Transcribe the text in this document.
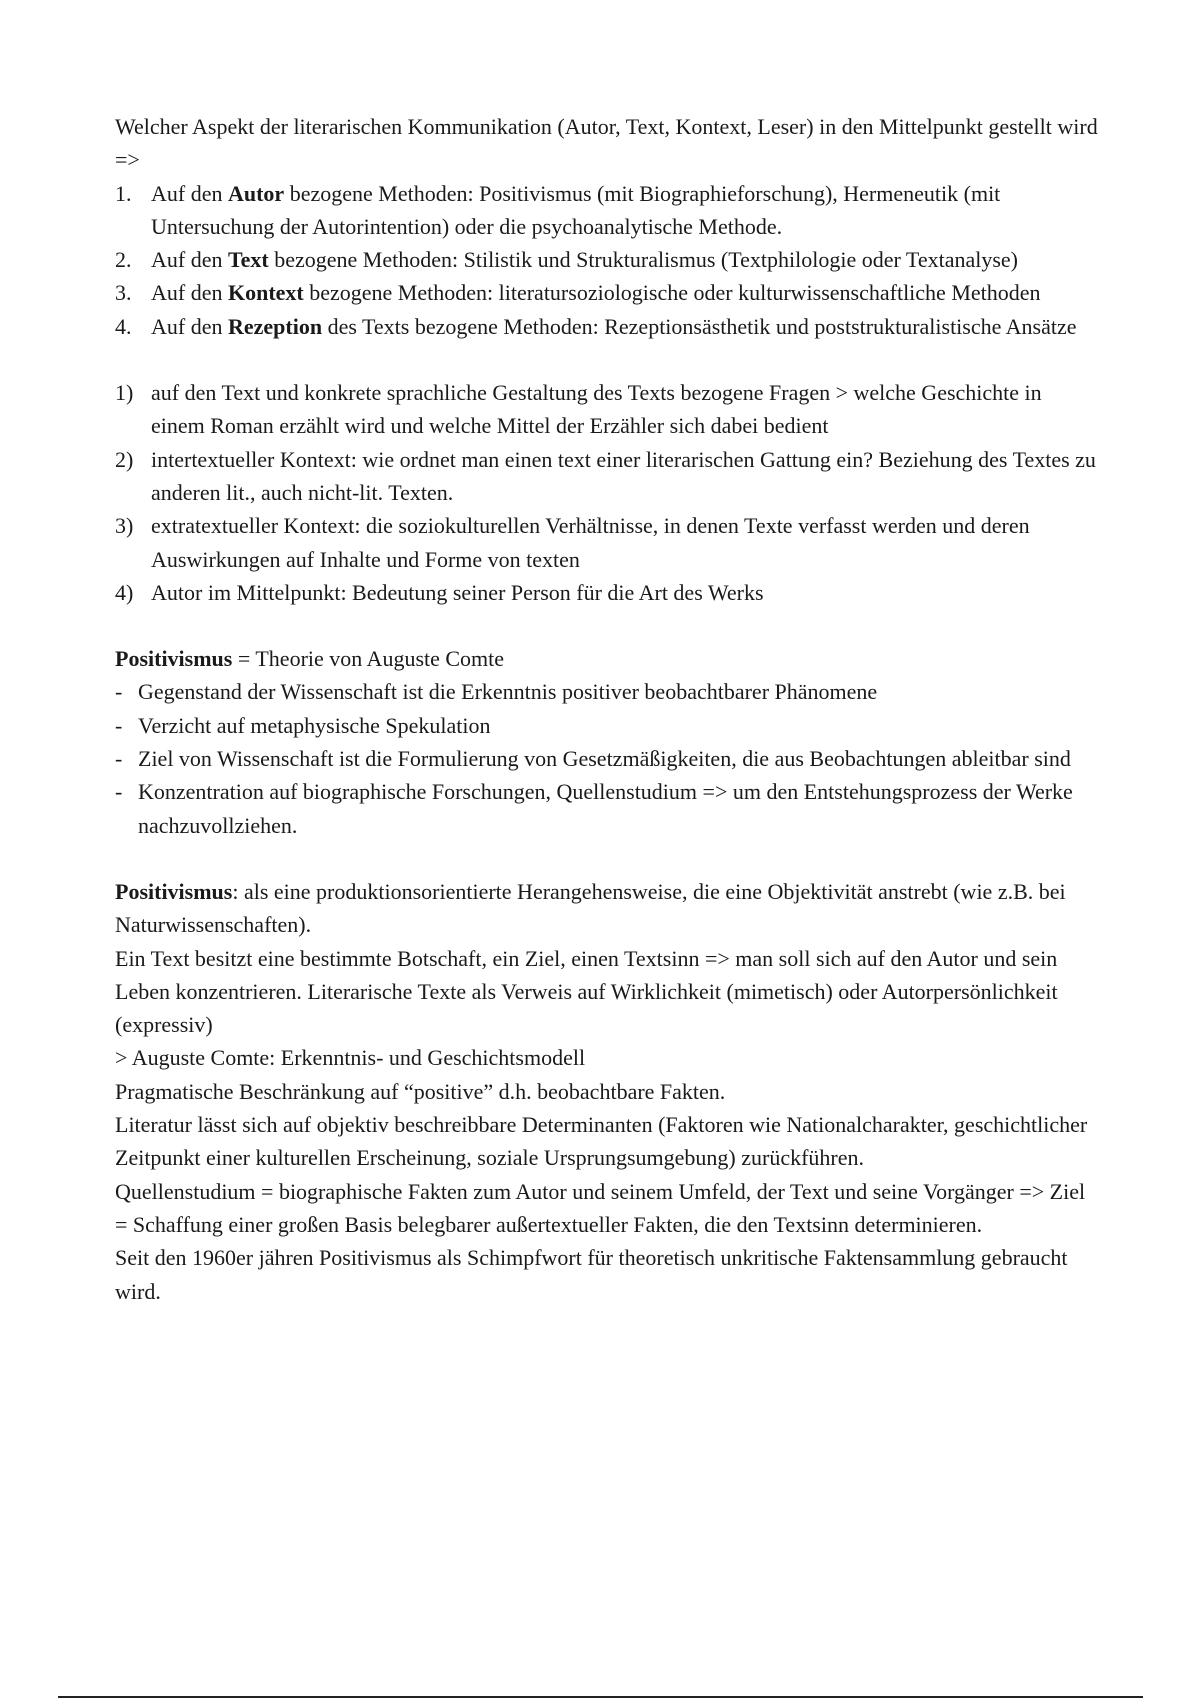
Welcher Aspekt der literarischen Kommunikation (Autor, Text, Kontext, Leser) in den Mittelpunkt gestellt wird =>

1. Auf den Autor bezogene Methoden: Positivismus (mit Biographieforschung), Hermeneutik (mit Untersuchung der Autorintention) oder die psychoanalytische Methode.
2. Auf den Text bezogene Methoden: Stilistik und Strukturalismus (Textphilologie oder Textanalyse)
3. Auf den Kontext bezogene Methoden: literatursoziologische oder kulturwissenschaftliche Methoden
4. Auf den Rezeption des Texts bezogene Methoden: Rezeptionsästhetik und poststrukturalistische Ansätze
1) auf den Text und konkrete sprachliche Gestaltung des Texts bezogene Fragen > welche Geschichte in einem Roman erzählt wird und welche Mittel der Erzähler sich dabei bedient
2) intertextueller Kontext: wie ordnet man einen text einer literarischen Gattung ein? Beziehung des Textes zu anderen lit., auch nicht-lit. Texten.
3) extratextueller Kontext: die soziokulturellen Verhältnisse, in denen Texte verfasst werden und deren Auswirkungen auf Inhalte und Forme von texten
4) Autor im Mittelpunkt: Bedeutung seiner Person für die Art des Werks

Positivismus = Theorie von Auguste Comte

- Gegenstand der Wissenschaft ist die Erkenntnis positiver beobachtbarer Phänomene
- Verzicht auf metaphysische Spekulation
- Ziel von Wissenschaft ist die Formulierung von Gesetzmäßigkeiten, die aus Beobachtungen ableitbar sind
- Konzentration auf biographische Forschungen, Quellenstudium => um den Entstehungsprozess der Werke nachzuvollziehen.

Positivismus: als eine produktionsorientierte Herangehensweise, die eine Objektivität anstrebt (wie z.B. bei Naturwissenschaften).

Ein Text besitzt eine bestimmte Botschaft, ein Ziel, einen Textsinn => man soll sich auf den Autor und sein Leben konzentrieren. Literarische Texte als Verweis auf Wirklichkeit (mimetisch) oder Autorpersönlichkeit (expressiv)

> Auguste Comte: Erkenntnis- und Geschichtsmodell

Pragmatische Beschränkung auf “positive” d.h. beobachtbare Fakten.

Literatur lässt sich auf objektiv beschreibbare Determinanten (Faktoren wie Nationalcharakter, geschichtlicher Zeitpunkt einer kulturellen Erscheinung, soziale Ursprungsumgebung) zurückführen.

Quellenstudium = biographische Fakten zum Autor und seinem Umfeld, der Text und seine Vorgänger => Ziel = Schaffung einer großen Basis belegbarer außertextueller Fakten, die den Textsinn determinieren.

Seit den 1960er jähren Positivismus als Schimpfwort für theoretisch unkritische Faktensammlung gebraucht wird.
